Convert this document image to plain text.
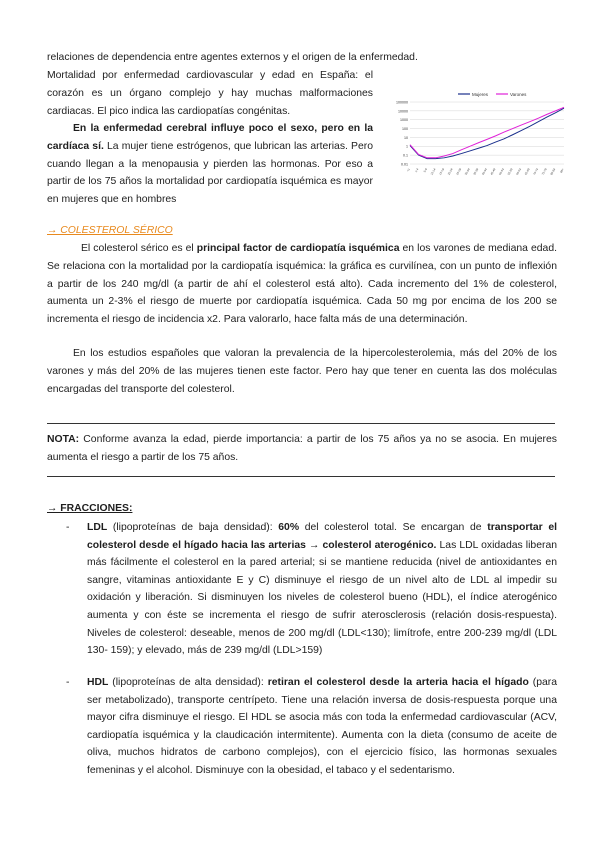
relaciones de dependencia entre agentes externos y el origen de la enfermedad.

Mortalidad por enfermedad cardiovascular y edad en España: el corazón es un órgano complejo y hay muchas malformaciones cardiacas. El pico indica las cardiopatías congénitas.

En la enfermedad cerebral influye poco el sexo, pero en la cardíaca sí. La mujer tiene estrógenos, que lubrican las arterias. Pero cuando llegan a la menopausia y pierden las hormonas. Por eso a partir de los 75 años la mortalidad por cardiopatía isquémica es mayor en mujeres que en hombres

Mujeres	Varones
100000
10000
1000
100
10
1
0.1
0.01
<1 1-4 5-9 10-14 15-19 20-24 25-29 30-34 35-39 40-44 45-49 50-54 55-59 60-64 65-69 70-74 75-79 80-84 85+

→ COLESTEROL SÉRICO

El colesterol sérico es el principal factor de cardiopatía isquémica en los varones de mediana edad. Se relaciona con la mortalidad por la cardiopatía isquémica: la gráfica es curvilínea, con un punto de inflexión a partir de los 240 mg/dl (a partir de ahí el colesterol está alto). Cada incremento del 1% de colesterol, aumenta un 2-3% el riesgo de muerte por cardiopatía isquémica. Cada 50 mg por encima de los 200 se incrementa el riesgo de incidencia x2. Para valorarlo, hace falta más de una determinación.

En los estudios españoles que valoran la prevalencia de la hipercolesterolemia, más del 20% de los varones y más del 20% de las mujeres tienen este factor. Pero hay que tener en cuenta las dos moléculas encargadas del transporte del colesterol.

NOTA: Conforme avanza la edad, pierde importancia: a partir de los 75 años ya no se asocia. En mujeres aumenta el riesgo a partir de los 75 años.

→ FRACCIONES:

- LDL (lipoproteínas de baja densidad): 60% del colesterol total. Se encargan de transportar el colesterol desde el hígado hacia las arterias → colesterol aterogénico. Las LDL oxidadas liberan más fácilmente el colesterol en la pared arterial; si se mantiene reducida (nivel de antioxidantes en sangre, vitaminas antioxidante E y C) disminuye el riesgo de un nivel alto de LDL al impedir su oxidación y liberación. Si disminuyen los niveles de colesterol bueno (HDL), el índice aterogénico aumenta y con éste se incrementa el riesgo de sufrir aterosclerosis (relación dosis-respuesta). Niveles de colesterol: deseable, menos de 200 mg/dl (LDL<130); limítrofe, entre 200-239 mg/dl (LDL 130- 159); y elevado, más de 239 mg/dl (LDL>159)
- HDL (lipoproteínas de alta densidad): retiran el colesterol desde la arteria hacia el hígado (para ser metabolizado), transporte centrípeto. Tiene una relación inversa de dosis-respuesta porque una mayor cifra disminuye el riesgo. El HDL se asocia más con toda la enfermedad cardiovascular (ACV, cardiopatía isquémica y la claudicación intermitente). Aumenta con la dieta (consumo de aceite de oliva, muchos hidratos de carbono complejos), con el ejercicio físico, las hormonas sexuales femeninas y el alcohol. Disminuye con la obesidad, el tabaco y el sedentarismo.
